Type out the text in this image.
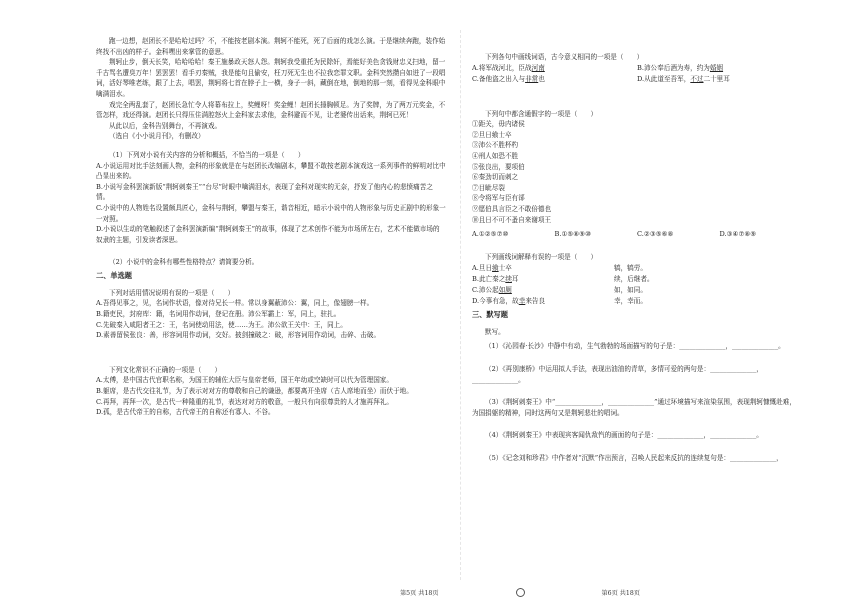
跑一边想，赵团长不是哈哈过吗？不，不能按老剧本演。荆轲不能死，死了后面的戏怎么演。于是继续奔跑，装作始终找不出凶的样子。金科嘿出来掌管的意思。

荆轲止步，倒天长笑，哈哈哈哈！秦王施暴政天怒人怨。荆轲我受重托为民除奸，焉能好美色贪钱财忠义扫地，留一千古骂名遭臭万年！罢罢罢！看手刃秦贼，我是能句且偷安，枉刀死无生也不拉我恋罪文职。金科突然攒自如迸了一段唱词，活好琴唯老练，跟了上去，唱罢，荆轲将七首在脖子上一横，身子一斜，藏倒在地，倒地的那一刻，看得见金科眼中噙满泪水。

戏完全两乱套了，赵团长急忙令人将幕布拉上，奖鲤呀！奖金鲤！赵团长捶胸顿足。为了奖牌，为了两万元奖金，不管怎样，戏还得演。赵团长只得压住满腔怒火上金科家去求他，金科避而不见，让老婆传出话来，荆轲已死！

从此以后，金科告别舞台，不再演戏。

（选自《小小说月刊》，有删改）

（1）下列对小说有关内容的分析和概括，不恰当的一项是（　　）

A.小说运用对比手法刻画人物，金科的形象就是在与赵团长改编剧本，攀盟不敢按老剧本演戏这一系列事件的鲜明对比中凸显出来的。

B.小说写金科罢演新版“荆轲刺秦王”“台尽”时眼中噙满泪水，表现了金科对现实的无奈，抒发了他内心的悲愤痛苦之情。

C.小说中的人物姓名设置颇具匠心，金科与荆轲，攀盟与秦王，谐音相近，暗示小说中的人物形象与历史正剧中的形象一一对照。

D.小说以生动的笔触叙述了金科罢演新编“荆轲刺秦王”的故事，体现了艺术创作不能为市场所左右，艺术不能做市场的奴隶的主题，引发读者深思。

（2）小说中的金科有哪些性格特点？请简要分析。

二、单选题

下列对话用情况说明有误的一项是（　　）

A.吾得见事之，见，名词作状语，像对待兄长一样。常以身翼蔽沛公：翼，同上，像翅膀一样。

B.籍吏民，封府库：籍，名词用作动词，登记在册。沛公军霸上：军，同上，驻扎。

C.先破秦入咸阳者王之：王，名词使动用法，使……为王。沛公欲王关中：王，同上。

D.素善留侯张良：善，形容词用作动词，交好。披剑撞破之：破，形容词用作动词，击碎、击破。

下列文化常识不正确的一项是（　　）

A.太傅，是中国古代官职名称，为国王的辅佐大臣与皇帝老师，国王年幼或空缺时可以代为管理国家。

B.躯席，是古代交往礼节，为了表示对对方的尊敬和自己的谦逊，都要离开坐席（古人席地而坐）而伏于地。

C.再拜，再拜一次，是古代一种隆重的礼节，表达对对方的敬意，一般只有向很尊贵的人才施再拜礼。

D.孤，是古代帝王的自称，古代帝王的自称还有寡人、不谷。

下列各句中画线词语，古今意义相同的一项是（　　）

A.将军战河北，臣战河南	B.沛公奉后酒为寿，约为婚姻
C.备他盗之出入与非常也	D.从此道至吾军，不过二十里耳

下列句中都含通假字的一项是（　　）

①距关，毋内诸侯

②旦日飨士卒

③沛公不胜杯杓

④刑人如恐不胜

⑤张良出，要项伯

⑥秦劲切而刺之

⑦目眦尽裂

⑧令将军与臣有郤

⑨愿伯具言臣之不敢倍德也

⑩且日不可不蚤自来谢项王

A.①②⑤⑦⑩	B.①⑤⑧⑨⑩	C.②③⑤⑥⑧	D.③④⑦⑧⑨

下列画线词解释有误的一项是（　　）

A.旦日飨士卒	犒，犒劳。
B.此亡秦之续耳	续，后继者。
C.沛公起如厕	如，如同。
D.今事有急，故幸来告良	幸，幸而。

三、默写题

默写。

（1）《沁园春·长沙》中静中有动，生气勃勃的场面描写的句子是：______________，______________。

（2）《再别康桥》中运用拟人手法，表现出油油的青草，多情可爱的两句是：______________，

______________。

（3）《荆轲刺秦王》中“______________，______________”通过环境描写来渲染氛围，表现荆轲慷慨赴难，

为国捐躯的精神，同时这两句又是荆轲悲壮的唱词。

（4）《荆轲刺秦王》中表现宾客闻仇敌忾的画面的句子是：______________，______________。

（5）《记念刘和珍君》中作者对“沉默”作出预言，召唤人民起来反抗的连续复句是：______________，

第5页 共18页	第6页 共18页
